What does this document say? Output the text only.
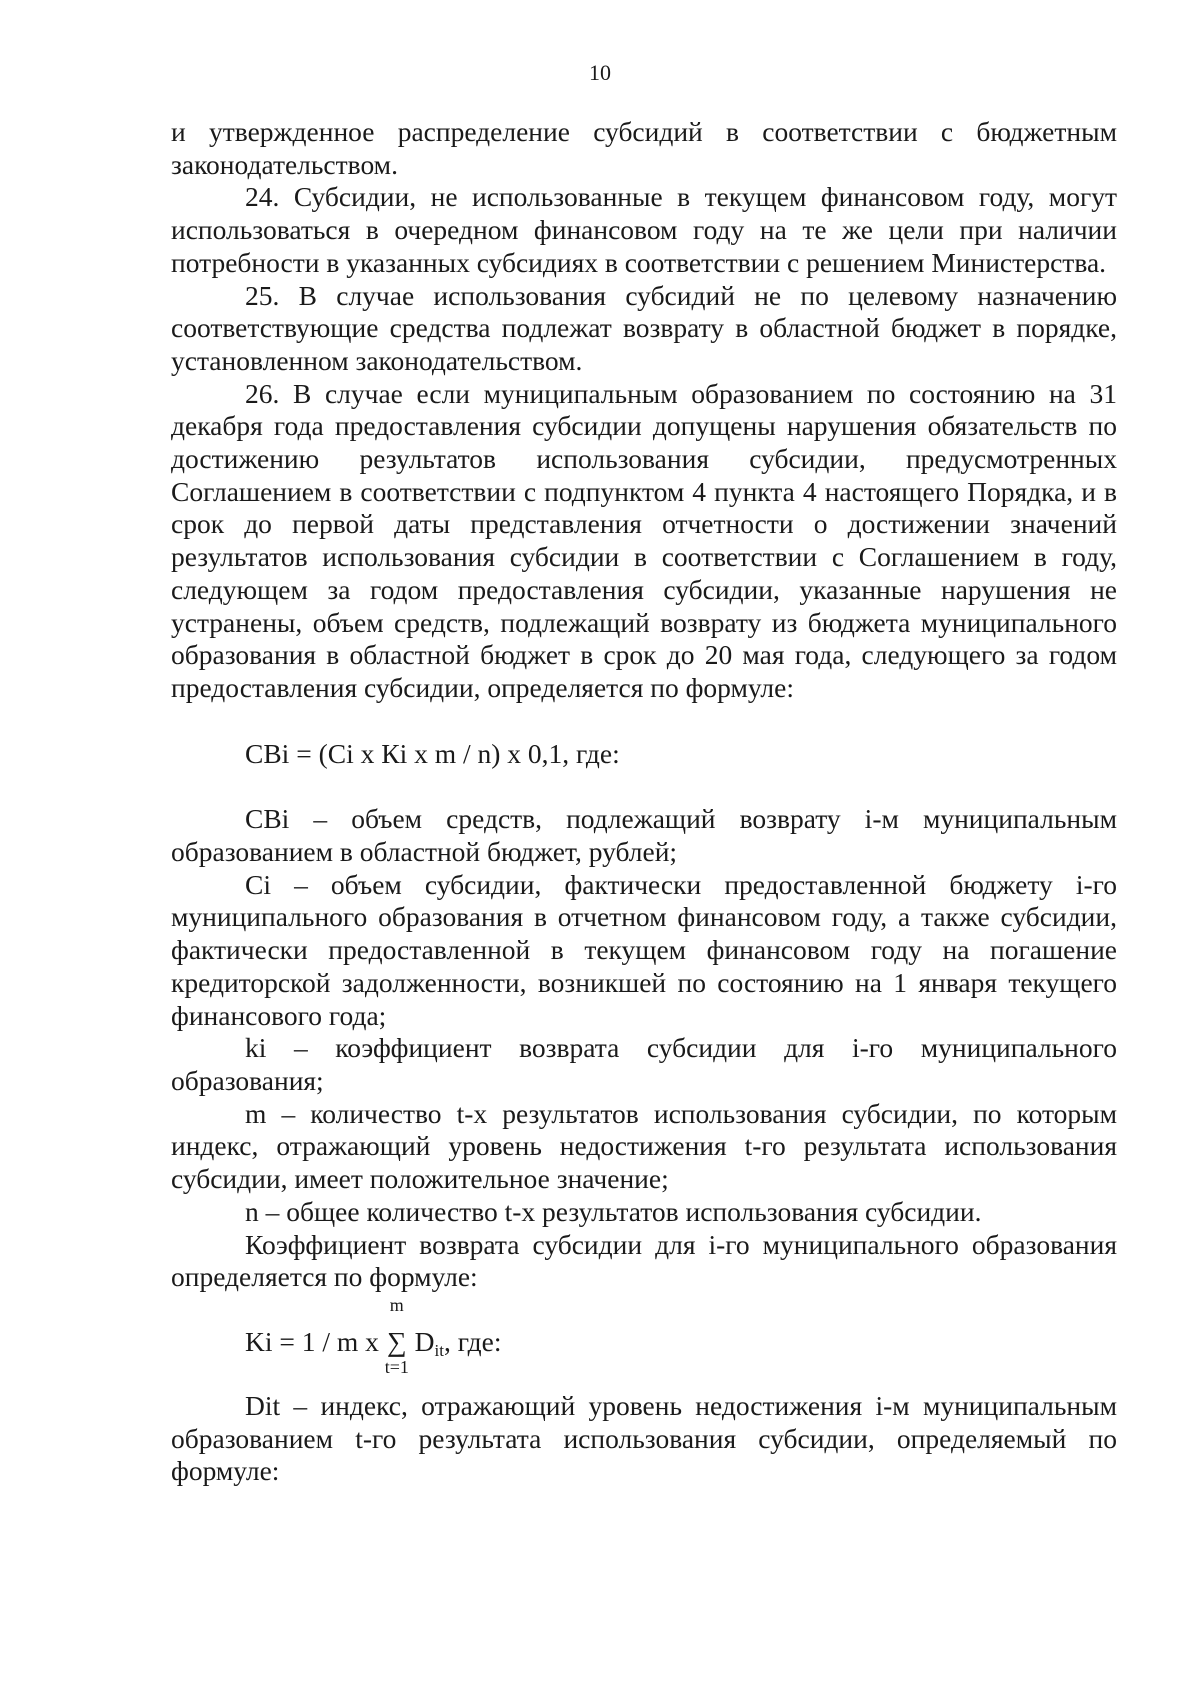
10

и утвержденное распределение субсидий в соответствии с бюджетным законодательством.

24. Субсидии, не использованные в текущем финансовом году, могут использоваться в очередном финансовом году на те же цели при наличии потребности в указанных субсидиях в соответствии с решением Министерства.

25. В случае использования субсидий не по целевому назначению соответствующие средства подлежат возврату в областной бюджет в порядке, установленном законодательством.

26. В случае если муниципальным образованием по состоянию на 31 декабря года предоставления субсидии допущены нарушения обязательств по достижению результатов использования субсидии, предусмотренных Соглашением в соответствии с подпунктом 4 пункта 4 настоящего Порядка, и в срок до первой даты представления отчетности о достижении значений результатов использования субсидии в соответствии с Соглашением в году, следующем за годом предоставления субсидии, указанные нарушения не устранены, объем средств, подлежащий возврату из бюджета муниципального образования в областной бюджет в срок до 20 мая года, следующего за годом предоставления субсидии, определяется по формуле:

СВi = (Сi х Кi х m / n) х 0,1, где:

СВi – объем средств, подлежащий возврату i-м муниципальным образованием в областной бюджет, рублей;

Сi – объем субсидии, фактически предоставленной бюджету i-го муниципального образования в отчетном финансовом году, а также субсидии, фактически предоставленной в текущем финансовом году на погашение кредиторской задолженности, возникшей по состоянию на 1 января текущего финансового года;

ki – коэффициент возврата субсидии для i-го муниципального образования;

m – количество t-х результатов использования субсидии, по которым индекс, отражающий уровень недостижения t-го результата использования субсидии, имеет положительное значение;

n – общее количество t-х результатов использования субсидии.

Коэффициент возврата субсидии для i-го муниципального образования определяется по формуле:

Ki = 1 / m х
m
∑
t=1
$D_{it}$, где:

Dit – индекс, отражающий уровень недостижения i-м муниципальным образованием t-го результата использования субсидии, определяемый по формуле:
